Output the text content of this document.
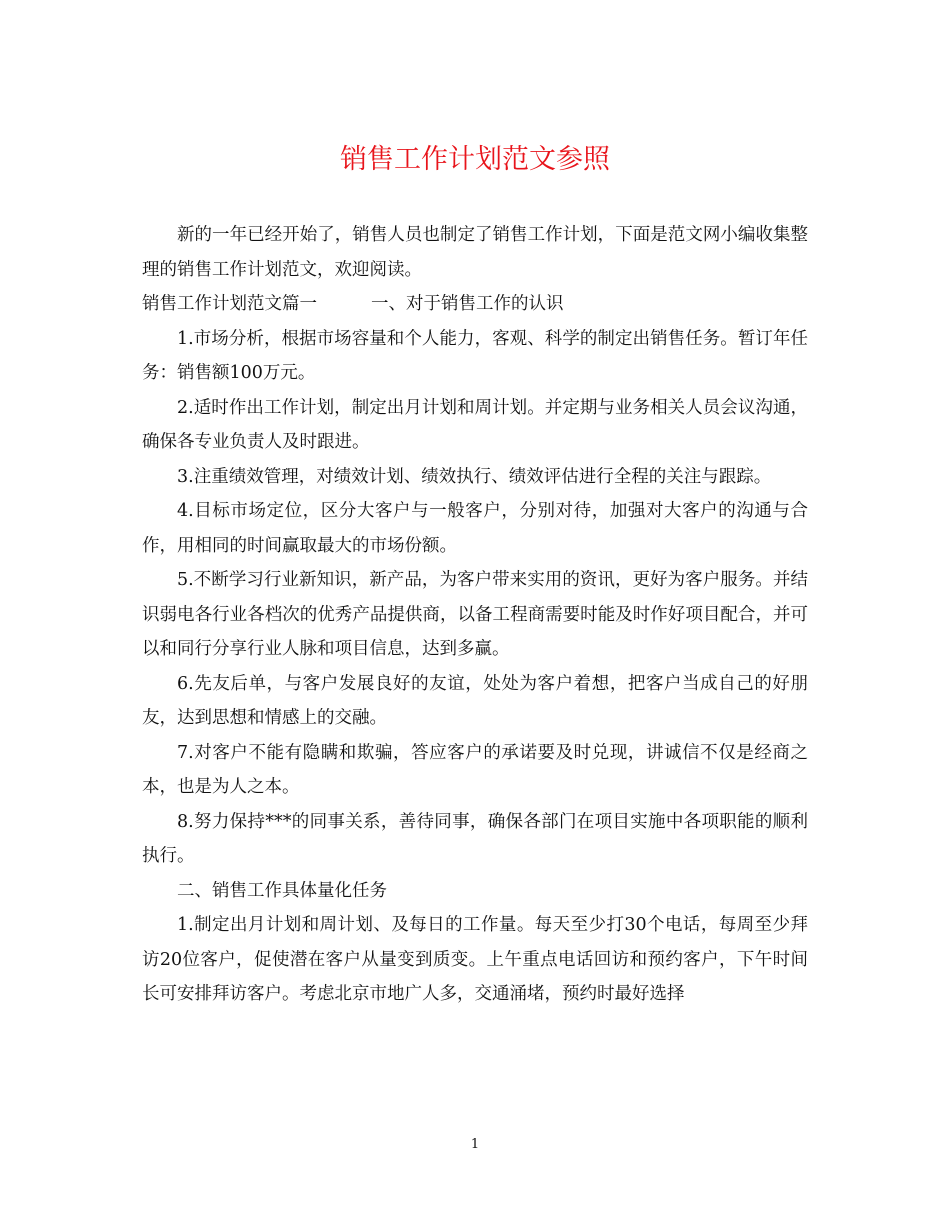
销售工作计划范文参照

新的一年已经开始了，销售人员也制定了销售工作计划，下面是范文网小编收集整理的销售工作计划范文，欢迎阅读。

销售工作计划范文篇一	一、对于销售工作的认识

1.市场分析，根据市场容量和个人能力，客观、科学的制定出销售任务。暂订年任务：销售额100万元。

2.适时作出工作计划，制定出月计划和周计划。并定期与业务相关人员会议沟通，确保各专业负责人及时跟进。

3.注重绩效管理，对绩效计划、绩效执行、绩效评估进行全程的关注与跟踪。

4.目标市场定位，区分大客户与一般客户，分别对待，加强对大客户的沟通与合作，用相同的时间赢取最大的市场份额。

5.不断学习行业新知识，新产品，为客户带来实用的资讯，更好为客户服务。并结识弱电各行业各档次的优秀产品提供商，以备工程商需要时能及时作好项目配合，并可以和同行分享行业人脉和项目信息，达到多赢。

6.先友后单，与客户发展良好的友谊，处处为客户着想，把客户当成自己的好朋友，达到思想和情感上的交融。

7.对客户不能有隐瞒和欺骗，答应客户的承诺要及时兑现，讲诚信不仅是经商之本，也是为人之本。

8.努力保持***的同事关系，善待同事，确保各部门在项目实施中各项职能的顺利执行。

二、销售工作具体量化任务

1.制定出月计划和周计划、及每日的工作量。每天至少打30个电话，每周至少拜访20位客户，促使潜在客户从量变到质变。上午重点电话回访和预约客户，下午时间长可安排拜访客户。考虑北京市地广人多，交通涌堵，预约时最好选择

1
